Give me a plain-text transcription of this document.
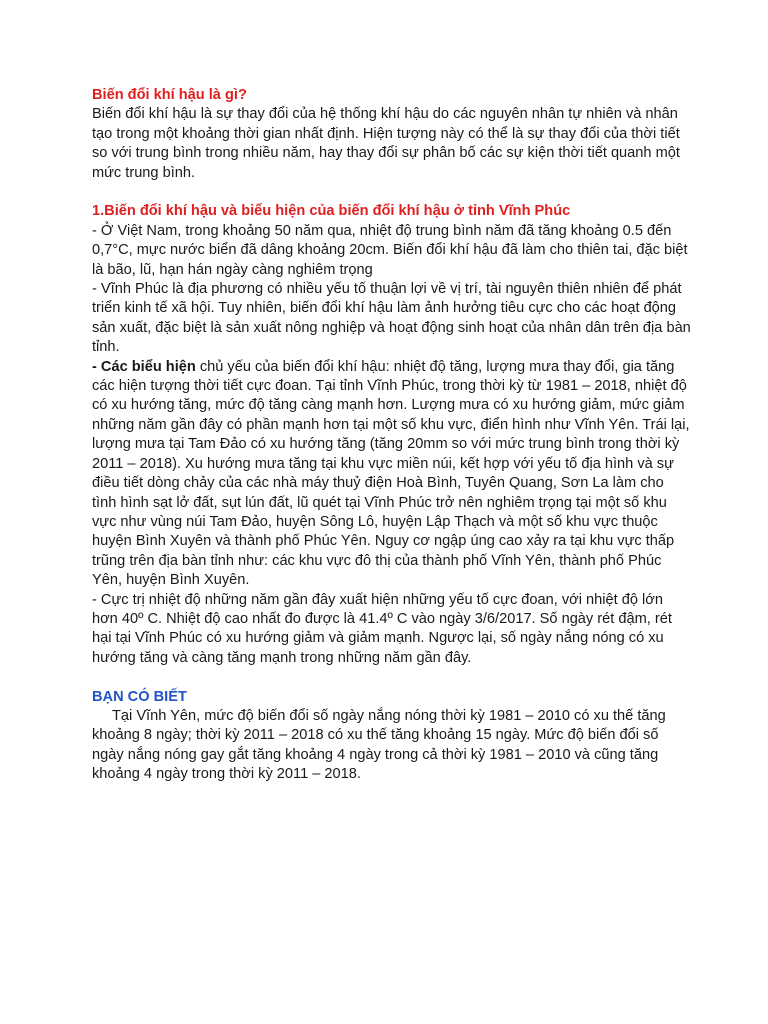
Biến đổi khí hậu là gì?

Biến đổi khí hậu là sự thay đổi của hệ thống khí hậu do các nguyên nhân tự nhiên và nhân tạo trong một khoảng thời gian nhất định. Hiện tượng này có thể là sự thay đổi của thời tiết so với trung bình trong nhiều năm, hay thay đổi sự phân bố các sự kiện thời tiết quanh một mức trung bình.

1.Biến đổi khí hậu và biểu hiện của biến đổi khí hậu ở tỉnh Vĩnh Phúc

- Ở Việt Nam, trong khoảng 50 năm qua, nhiệt độ trung bình năm đã tăng khoảng 0.5 đến 0,7°C, mực nước biển đã dâng khoảng 20cm. Biến đổi khí hậu đã làm cho thiên tai, đặc biệt là bão, lũ, hạn hán ngày càng nghiêm trọng

- Vĩnh Phúc là địa phương có nhiều yếu tố thuận lợi về vị trí, tài nguyên thiên nhiên để phát triển kinh tế xã hội. Tuy nhiên, biến đổi khí hậu làm ảnh hưởng tiêu cực cho các hoạt động sản xuất, đặc biệt là sản xuất nông nghiệp và hoạt động sinh hoạt của nhân dân trên địa bàn tỉnh.

- Các biểu hiện chủ yếu của biến đổi khí hậu: nhiệt độ tăng, lượng mưa thay đổi, gia tăng các hiện tượng thời tiết cực đoan. Tại tỉnh Vĩnh Phúc, trong thời kỳ từ 1981 – 2018, nhiệt độ có xu hướng tăng, mức độ tăng càng mạnh hơn. Lượng mưa có xu hướng giảm, mức giảm những năm gần đây có phần mạnh hơn tại một số khu vực, điển hình như Vĩnh Yên. Trái lại, lượng mưa tại Tam Đảo có xu hướng tăng (tăng 20mm so với mức trung bình trong thời kỳ 2011 – 2018). Xu hướng mưa tăng tại khu vực miền núi, kết hợp với yếu tố địa hình và sự điều tiết dòng chảy của các nhà máy thuỷ điện Hoà Bình, Tuyên Quang, Sơn La làm cho tình hình sạt lở đất, sụt lún đất, lũ quét tại Vĩnh Phúc trở nên nghiêm trọng tại một số khu vực như vùng núi Tam Đảo, huyện Sông Lô, huyện Lập Thạch và một số khu vực thuộc huyện Bình Xuyên và thành phố Phúc Yên. Nguy cơ ngập úng cao xảy ra tại khu vực thấp trũng trên địa bàn tỉnh như: các khu vực đô thị của thành phố Vĩnh Yên, thành phố Phúc Yên, huyện Bình Xuyên.

- Cực trị nhiệt độ những năm gần đây xuất hiện những yếu tố cực đoan, với nhiệt độ lớn hơn 40º C. Nhiệt độ cao nhất đo được là 41.4º C vào ngày 3/6/2017. Số ngày rét đậm, rét hại tại Vĩnh Phúc có xu hướng giảm và giảm mạnh. Ngược lại, số ngày nắng nóng có xu hướng tăng và càng tăng mạnh trong những năm gần đây.

BẠN CÓ BIẾT

Tại Vĩnh Yên, mức độ biến đổi số ngày nắng nóng thời kỳ 1981 – 2010 có xu thế tăng khoảng 8 ngày; thời kỳ 2011 – 2018 có xu thế tăng khoảng 15 ngày. Mức độ biến đổi số ngày nắng nóng gay gắt tăng khoảng 4 ngày trong cả thời kỳ 1981 – 2010 và cũng tăng khoảng 4 ngày trong thời kỳ 2011 – 2018.
